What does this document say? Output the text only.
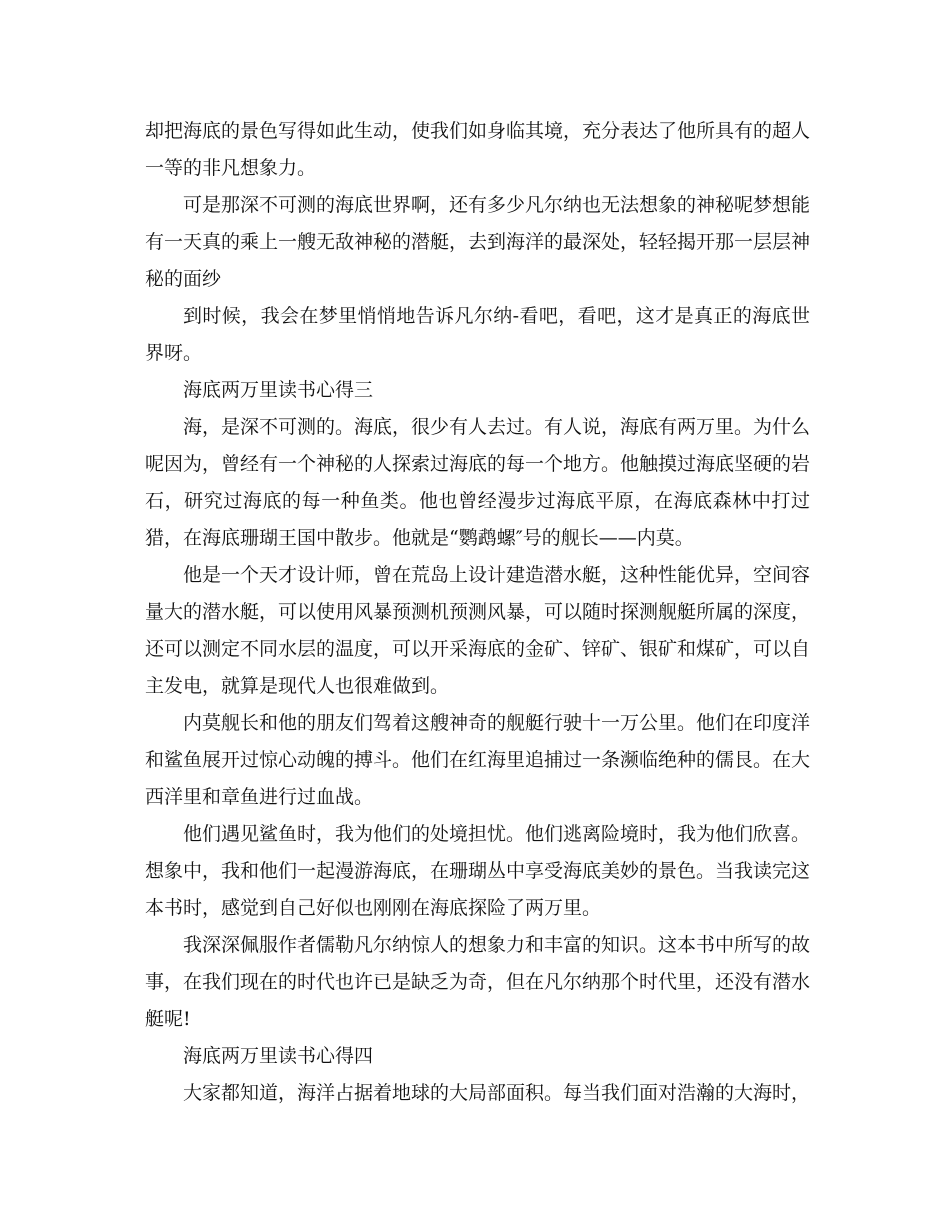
却把海底的景色写得如此生动，使我们如身临其境，充分表达了他所具有的超人一等的非凡想象力。

可是那深不可测的海底世界啊，还有多少凡尔纳也无法想象的神秘呢梦想能有一天真的乘上一艘无敌神秘的潜艇，去到海洋的最深处，轻轻揭开那一层层神秘的面纱

到时候，我会在梦里悄悄地告诉凡尔纳-看吧，看吧，这才是真正的海底世界呀。

海底两万里读书心得三

海，是深不可测的。海底，很少有人去过。有人说，海底有两万里。为什么呢因为，曾经有一个神秘的人探索过海底的每一个地方。他触摸过海底坚硬的岩石，研究过海底的每一种鱼类。他也曾经漫步过海底平原，在海底森林中打过猎，在海底珊瑚王国中散步。他就是“鹦鹉螺″号的舰长——内莫。

他是一个天才设计师，曾在荒岛上设计建造潜水艇，这种性能优异，空间容量大的潜水艇，可以使用风暴预测机预测风暴，可以随时探测舰艇所属的深度，还可以测定不同水层的温度，可以开采海底的金矿、锌矿、银矿和煤矿，可以自主发电，就算是现代人也很难做到。

内莫舰长和他的朋友们驾着这艘神奇的舰艇行驶十一万公里。他们在印度洋和鲨鱼展开过惊心动魄的搏斗。他们在红海里追捕过一条濒临绝种的儒艮。在大西洋里和章鱼进行过血战。

他们遇见鲨鱼时，我为他们的处境担忧。他们逃离险境时，我为他们欣喜。想象中，我和他们一起漫游海底，在珊瑚丛中享受海底美妙的景色。当我读完这本书时，感觉到自己好似也刚刚在海底探险了两万里。

我深深佩服作者儒勒凡尔纳惊人的想象力和丰富的知识。这本书中所写的故事，在我们现在的时代也许已是缺乏为奇，但在凡尔纳那个时代里，还没有潜水艇呢!

海底两万里读书心得四

大家都知道，海洋占据着地球的大局部面积。每当我们面对浩瀚的大海时，
